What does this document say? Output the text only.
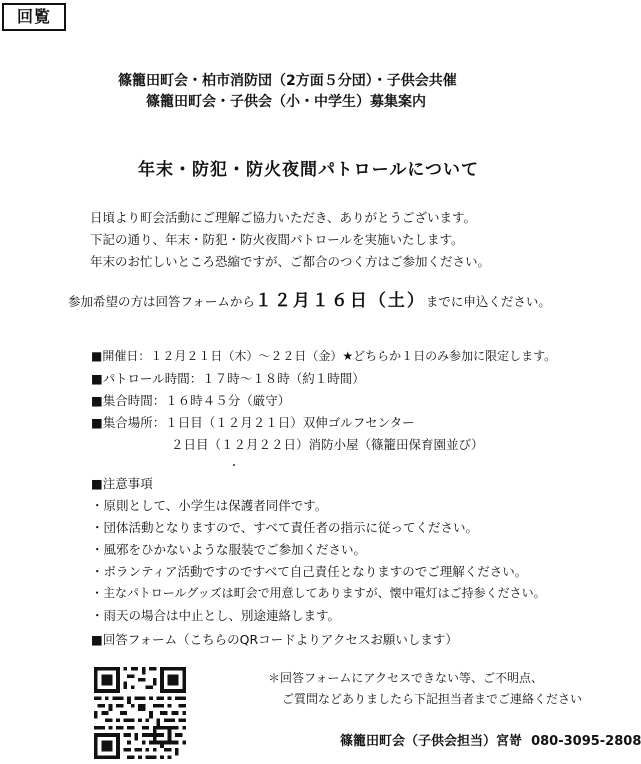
回覧
篠籠田町会・柏市消防団（2方面５分団）・子供会共催
篠籠田町会・子供会（小・中学生）募集案内
年末・防犯・防火夜間パトロールについて
日頃より町会活動にご理解ご協力いただき、ありがとうございます。
下記の通り、年末・防犯・防火夜間パトロールを実施いたします。
年末のお忙しいところ恐縮ですが、ご都合のつく方はご参加ください。
参加希望の方は回答フォームから１２月１６日（土）までに申込ください。
■開催日：１２月２１日（木）～２２日（金）★どちらか１日のみ参加に限定します。
■パトロール時間：１７時～１８時（約１時間）
■集合時間：１６時４５分（厳守）
■集合場所：１日目（１２月２１日）双伸ゴルフセンター
２日目（１２月２２日）消防小屋（篠籠田保育園並び）
■注意事項
・原則として、小学生は保護者同伴です。
・団体活動となりますので、すべて責任者の指示に従ってください。
・風邪をひかないような服装でご参加ください。
・ボランティア活動ですのですべて自己責任となりますのでご理解ください。
・主なパトロールグッズは町会で用意してありますが、懐中電灯はご持参ください。
・雨天の場合は中止とし、別途連絡します。
■回答フォーム（こちらのQRコードよりアクセスお願いします）
＊回答フォームにアクセスできない等、ご不明点、
ご質問などありましたら下記担当者までご連絡ください
篠籠田町会（子供会担当）宮嵜 080-3095-2808
